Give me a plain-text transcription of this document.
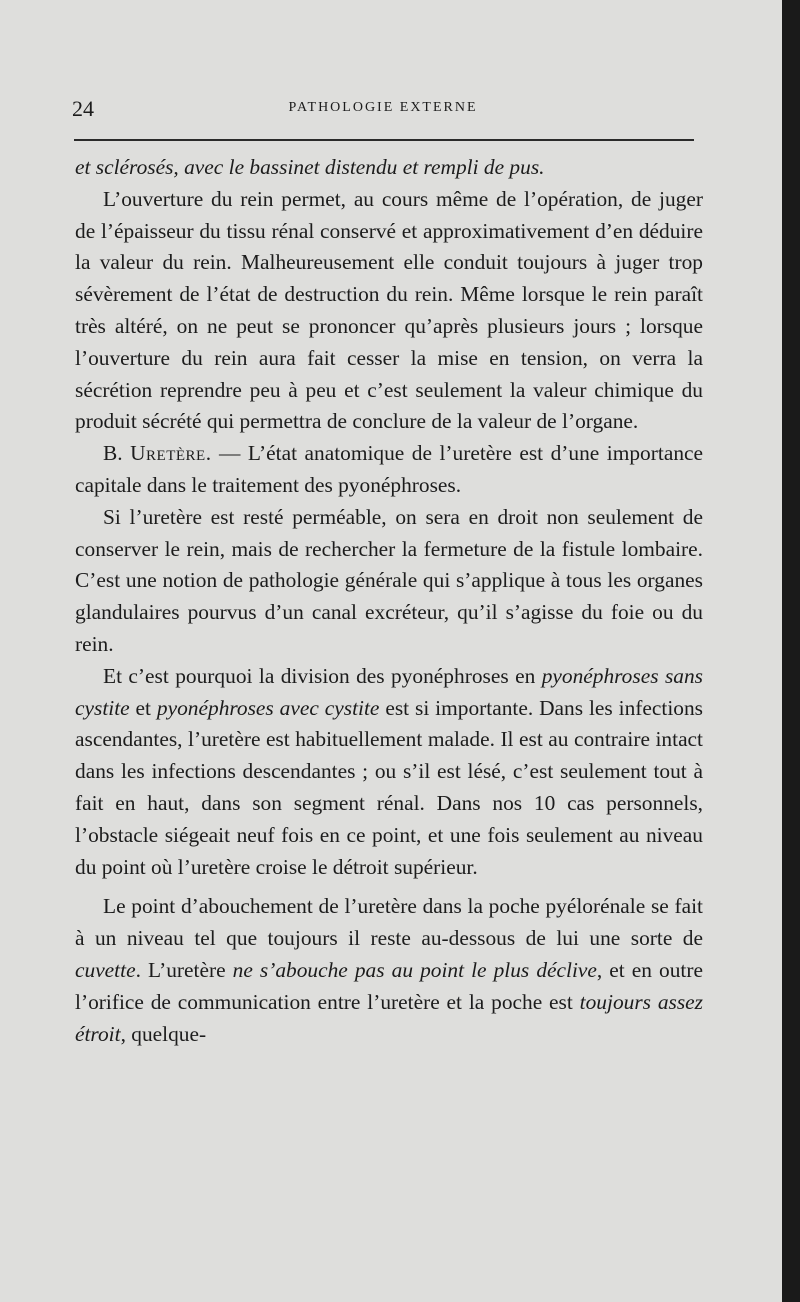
24	PATHOLOGIE EXTERNE

et sclérosés, avec le bassinet distendu et rempli de pus.

L’ouverture du rein permet, au cours même de l’opération, de juger de l’épaisseur du tissu rénal conservé et approximativement d’en déduire la valeur du rein. Malheureusement elle conduit toujours à juger trop sévèrement de l’état de destruction du rein. Même lorsque le rein paraît très altéré, on ne peut se prononcer qu’après plusieurs jours ; lorsque l’ouverture du rein aura fait cesser la mise en tension, on verra la sécrétion reprendre peu à peu et c’est seulement la valeur chimique du produit sécrété qui permettra de conclure de la valeur de l’organe.

B. Uretère. — L’état anatomique de l’uretère est d’une importance capitale dans le traitement des pyonéphroses.

Si l’uretère est resté perméable, on sera en droit non seulement de conserver le rein, mais de rechercher la fermeture de la fistule lombaire. C’est une notion de pathologie générale qui s’applique à tous les organes glandulaires pourvus d’un canal excréteur, qu’il s’agisse du foie ou du rein.

Et c’est pourquoi la division des pyonéphroses en pyonéphroses sans cystite et pyonéphroses avec cystite est si importante. Dans les infections ascendantes, l’uretère est habituellement malade. Il est au contraire intact dans les infections descendantes ; ou s’il est lésé, c’est seulement tout à fait en haut, dans son segment rénal. Dans nos 10 cas personnels, l’obstacle siégeait neuf fois en ce point, et une fois seulement au niveau du point où l’uretère croise le détroit supérieur.

Le point d’abouchement de l’uretère dans la poche pyélorénale se fait à un niveau tel que toujours il reste au-dessous de lui une sorte de cuvette. L’uretère ne s’abouche pas au point le plus déclive, et en outre l’orifice de communication entre l’uretère et la poche est toujours assez étroit, quelque-
